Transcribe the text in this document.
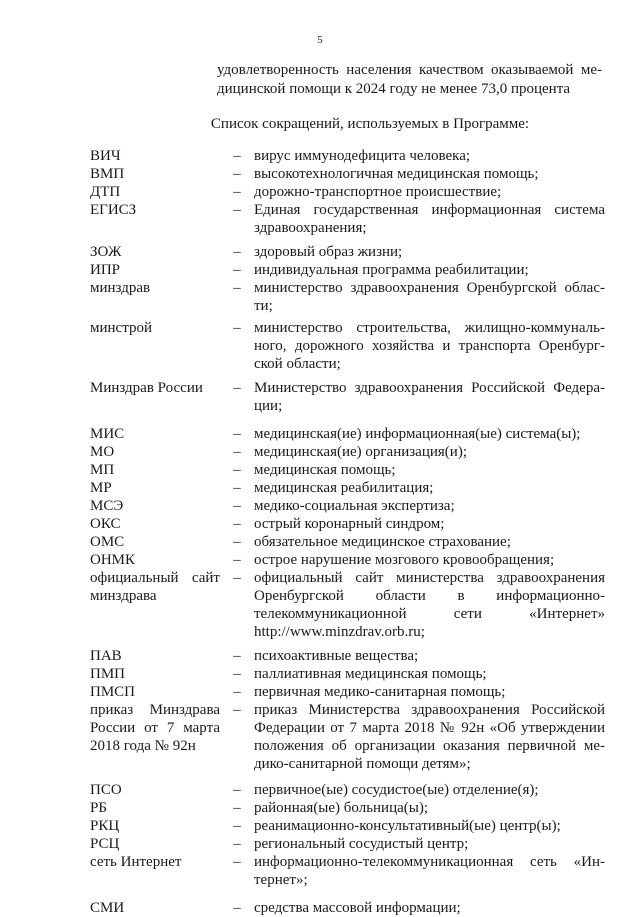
5
удовлетворенность населения качеством оказываемой ме-
дицинской помощи к 2024 году не менее 73,0 процента
Список сокращений, используемых в Программе:
ВИЧ	– вирус иммунодефицита человека;
ВМП	– высокотехнологичная медицинская помощь;
ДТП	– дорожно-транспортное происшествие;
ЕГИСЗ	– Единая государственная информационная система
здравоохранения;
ЗОЖ	– здоровый образ жизни;
ИПР	– индивидуальная программа реабилитации;
минздрав	– министерство здравоохранения Оренбургской облас-
ти;
минстрой	– министерство строительства, жилищно-коммуналь-
ного, дорожного хозяйства и транспорта Оренбург-
ской области;
Минздрав России	– Министерство здравоохранения Российской Федера-
ции;
МИС	– медицинская(ие) информационная(ые) система(ы);
МО	– медицинская(ие) организация(и);
МП	– медицинская помощь;
МР	– медицинская реабилитация;
МСЭ	– медико-социальная экспертиза;
ОКС	– острый коронарный синдром;
ОМС	– обязательное медицинское страхование;
ОНМК	– острое нарушение мозгового кровообращения;
официальный сайт
минздрава
– официальный сайт министерства здравоохранения
Оренбургской области в информационно-
телекоммуникационной сети «Интернет»
http://www.minzdrav.orb.ru;
ПАВ	– психоактивные вещества;
ПМП	– паллиативная медицинская помощь;
ПМСП	– первичная медико-санитарная помощь;
приказ Минздрава
России от 7 марта
2018 года № 92н
– приказ Министерства здравоохранения Российской
Федерации от 7 марта 2018 № 92н «Об утверждении
положения об организации оказания первичной ме-
дико-санитарной помощи детям»;
ПСО	– первичное(ые) сосудистое(ые) отделение(я);
РБ	– районная(ые) больница(ы);
РКЦ	– реанимационно-консультативный(ые) центр(ы);
РСЦ	– региональный сосудистый центр;
сеть Интернет	– информационно-телекоммуникационная сеть «Ин-
тернет»;
СМИ	– средства массовой информации;
